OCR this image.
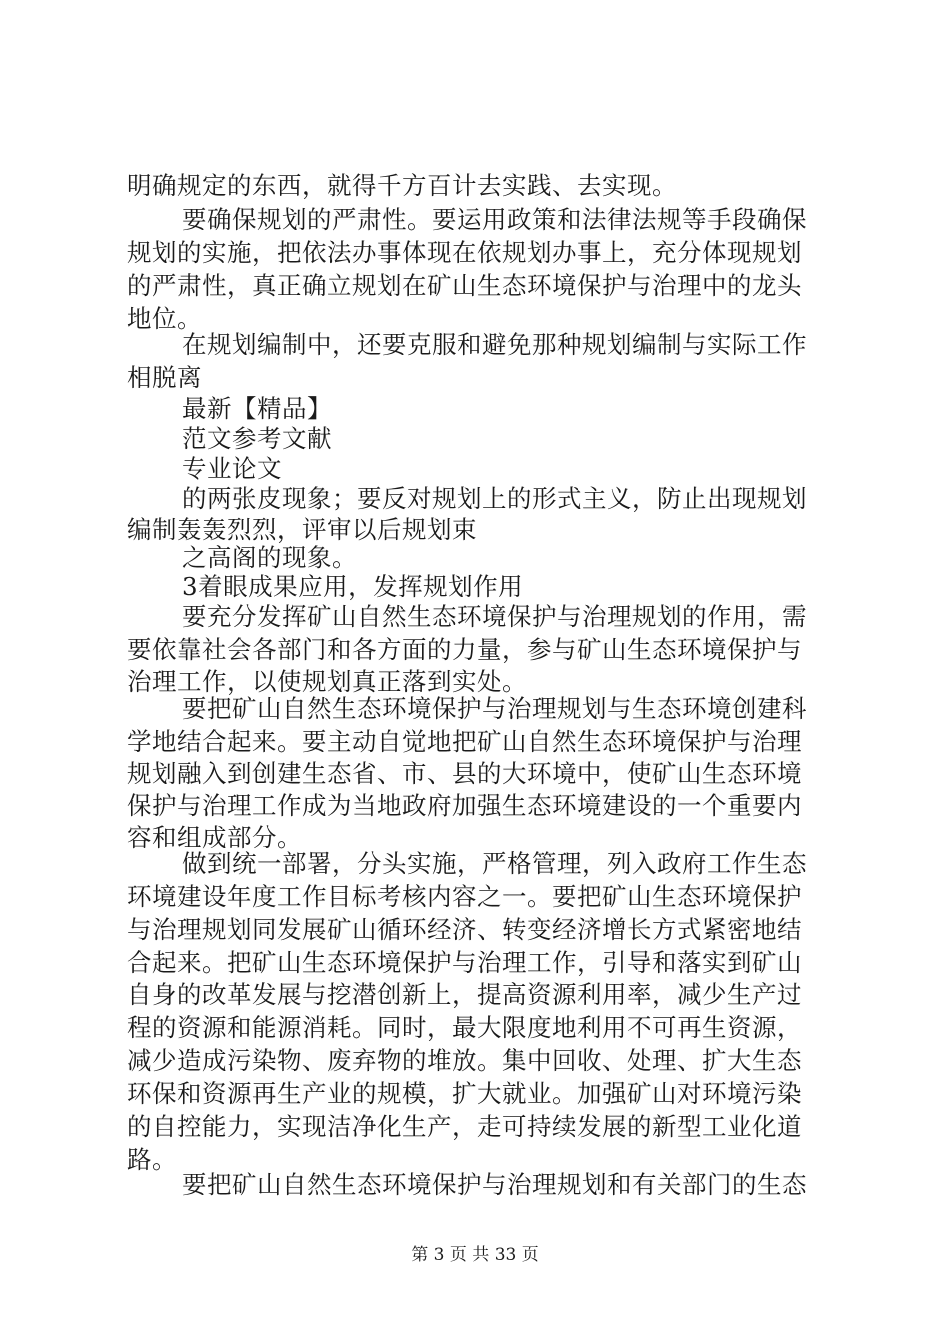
明确规定的东西，就得千方百计去实践、去实现。
要确保规划的严肃性。要运用政策和法律法规等手段确保
规划的实施，把依法办事体现在依规划办事上，充分体现规划
的严肃性，真正确立规划在矿山生态环境保护与治理中的龙头
地位。
在规划编制中，还要克服和避免那种规划编制与实际工作
相脱离
最新【精品】
范文参考文献
专业论文
的两张皮现象；要反对规划上的形式主义，防止出现规划
编制轰轰烈烈，评审以后规划束
之高阁的现象。
3着眼成果应用，发挥规划作用
要充分发挥矿山自然生态环境保护与治理规划的作用，需
要依靠社会各部门和各方面的力量，参与矿山生态环境保护与
治理工作，以使规划真正落到实处。
要把矿山自然生态环境保护与治理规划与生态环境创建科
学地结合起来。要主动自觉地把矿山自然生态环境保护与治理
规划融入到创建生态省、市、县的大环境中，使矿山生态环境
保护与治理工作成为当地政府加强生态环境建设的一个重要内
容和组成部分。
做到统一部署，分头实施，严格管理，列入政府工作生态
环境建设年度工作目标考核内容之一。要把矿山生态环境保护
与治理规划同发展矿山循环经济、转变经济增长方式紧密地结
合起来。把矿山生态环境保护与治理工作，引导和落实到矿山
自身的改革发展与挖潜创新上，提高资源利用率，减少生产过
程的资源和能源消耗。同时，最大限度地利用不可再生资源，
减少造成污染物、废弃物的堆放。集中回收、处理、扩大生态
环保和资源再生产业的规模，扩大就业。加强矿山对环境污染
的自控能力，实现洁净化生产，走可持续发展的新型工业化道
路。
要把矿山自然生态环境保护与治理规划和有关部门的生态
第 3 页 共 33 页
